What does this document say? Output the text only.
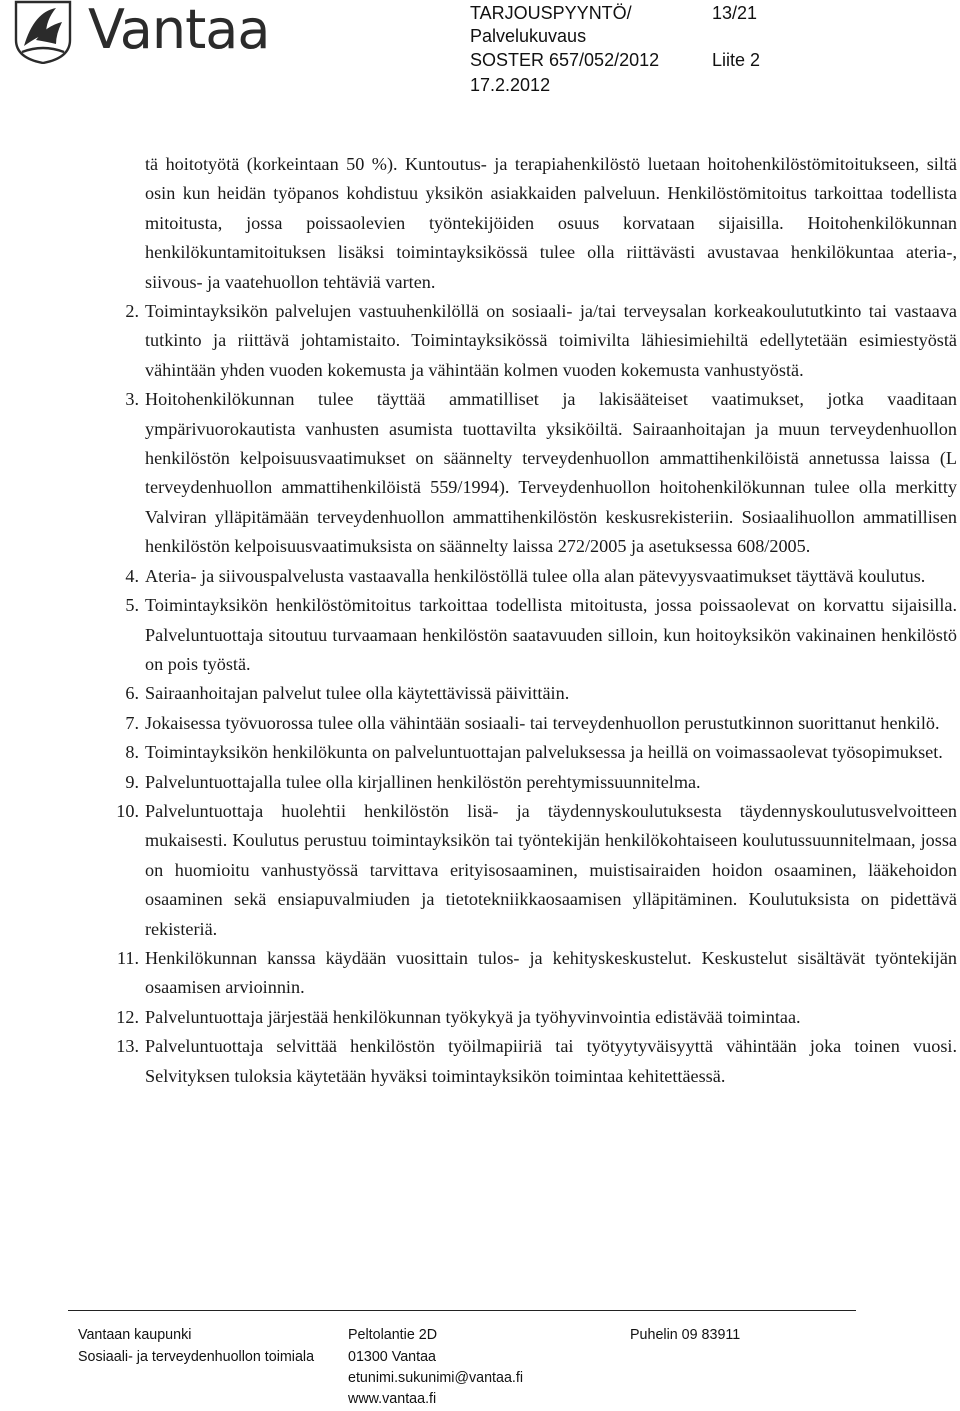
Vantaa	TARJOUSPYYNTÖ/	13/21
Palvelukuvaus
SOSTER 657/052/2012	Liite 2
17.2.2012

tä hoitotyötä (korkeintaan 50 %). Kuntoutus- ja terapiahenkilöstö luetaan hoitohenkilöstömitoitukseen, siltä osin kun heidän työpanos kohdistuu yksikön asiakkaiden palveluun. Henkilöstömitoitus tarkoittaa todellista mitoitusta, jossa poissaolevien työntekijöiden osuus korvataan sijaisilla. Hoitohenkilökunnan henkilökuntamitoituksen lisäksi toimintayksikössä tulee olla riittävästi avustavaa henkilökuntaa ateria-, siivous- ja vaatehuollon tehtäviä varten.

2. Toimintayksikön palvelujen vastuuhenkilöllä on sosiaali- ja/tai terveysalan korkeakoulututkinto tai vastaava tutkinto ja riittävä johtamistaito. Toimintayksikössä toimivilta lähiesimiehiltä edellytetään esimiestyöstä vähintään yhden vuoden kokemusta ja vähintään kolmen vuoden kokemusta vanhustyöstä.
3. Hoitohenkilökunnan tulee täyttää ammatilliset ja lakisääteiset vaatimukset, jotka vaaditaan ympärivuorokautista vanhusten asumista tuottavilta yksiköiltä. Sairaanhoitajan ja muun terveydenhuollon henkilöstön kelpoisuusvaatimukset on säännelty terveydenhuollon ammattihenkilöistä annetussa laissa (L terveydenhuollon ammattihenkilöistä 559/1994). Terveydenhuollon hoitohenkilökunnan tulee olla merkitty Valviran ylläpitämään terveydenhuollon ammattihenkilöstön keskusrekisteriin. Sosiaalihuollon ammatillisen henkilöstön kelpoisuusvaatimuksista on säännelty laissa 272/2005 ja asetuksessa 608/2005.
4. Ateria- ja siivouspalvelusta vastaavalla henkilöstöllä tulee olla alan pätevyysvaatimukset täyttävä koulutus.
5. Toimintayksikön henkilöstömitoitus tarkoittaa todellista mitoitusta, jossa poissaolevat on korvattu sijaisilla. Palveluntuottaja sitoutuu turvaamaan henkilöstön saatavuuden silloin, kun hoitoyksikön vakinainen henkilöstö on pois työstä.
6. Sairaanhoitajan palvelut tulee olla käytettävissä päivittäin.
7. Jokaisessa työvuorossa tulee olla vähintään sosiaali- tai terveydenhuollon perustutkinnon suorittanut henkilö.
8. Toimintayksikön henkilökunta on palveluntuottajan palveluksessa ja heillä on voimassaolevat työsopimukset.
9. Palveluntuottajalla tulee olla kirjallinen henkilöstön perehtymissuunnitelma.
10. Palveluntuottaja huolehtii henkilöstön lisä- ja täydennyskoulutuksesta täydennyskoulutusvelvoitteen mukaisesti. Koulutus perustuu toimintayksikön tai työntekijän henkilökohtaiseen koulutussuunnitelmaan, jossa on huomioitu vanhustyössä tarvittava erityisosaaminen, muistisairaiden hoidon osaaminen, lääkehoidon osaaminen sekä ensiapuvalmiuden ja tietotekniikkaosaamisen ylläpitäminen. Koulutuksista on pidettävä rekisteriä.
11. Henkilökunnan kanssa käydään vuosittain tulos- ja kehityskeskustelut. Keskustelut sisältävät työntekijän osaamisen arvioinnin.
12. Palveluntuottaja järjestää henkilökunnan työkykyä ja työhyvinvointia edistävää toimintaa.
13. Palveluntuottaja selvittää henkilöstön työilmapiiriä tai työtyytyväisyyttä vähintään joka toinen vuosi. Selvityksen tuloksia käytetään hyväksi toimintayksikön toimintaa kehitettäessä.
Vantaan kaupunki
Sosiaali- ja terveydenhuollon toimiala
Peltolantie 2D
01300 Vantaa
etunimi.sukunimi@vantaa.fi
www.vantaa.fi
Puhelin 09 83911
